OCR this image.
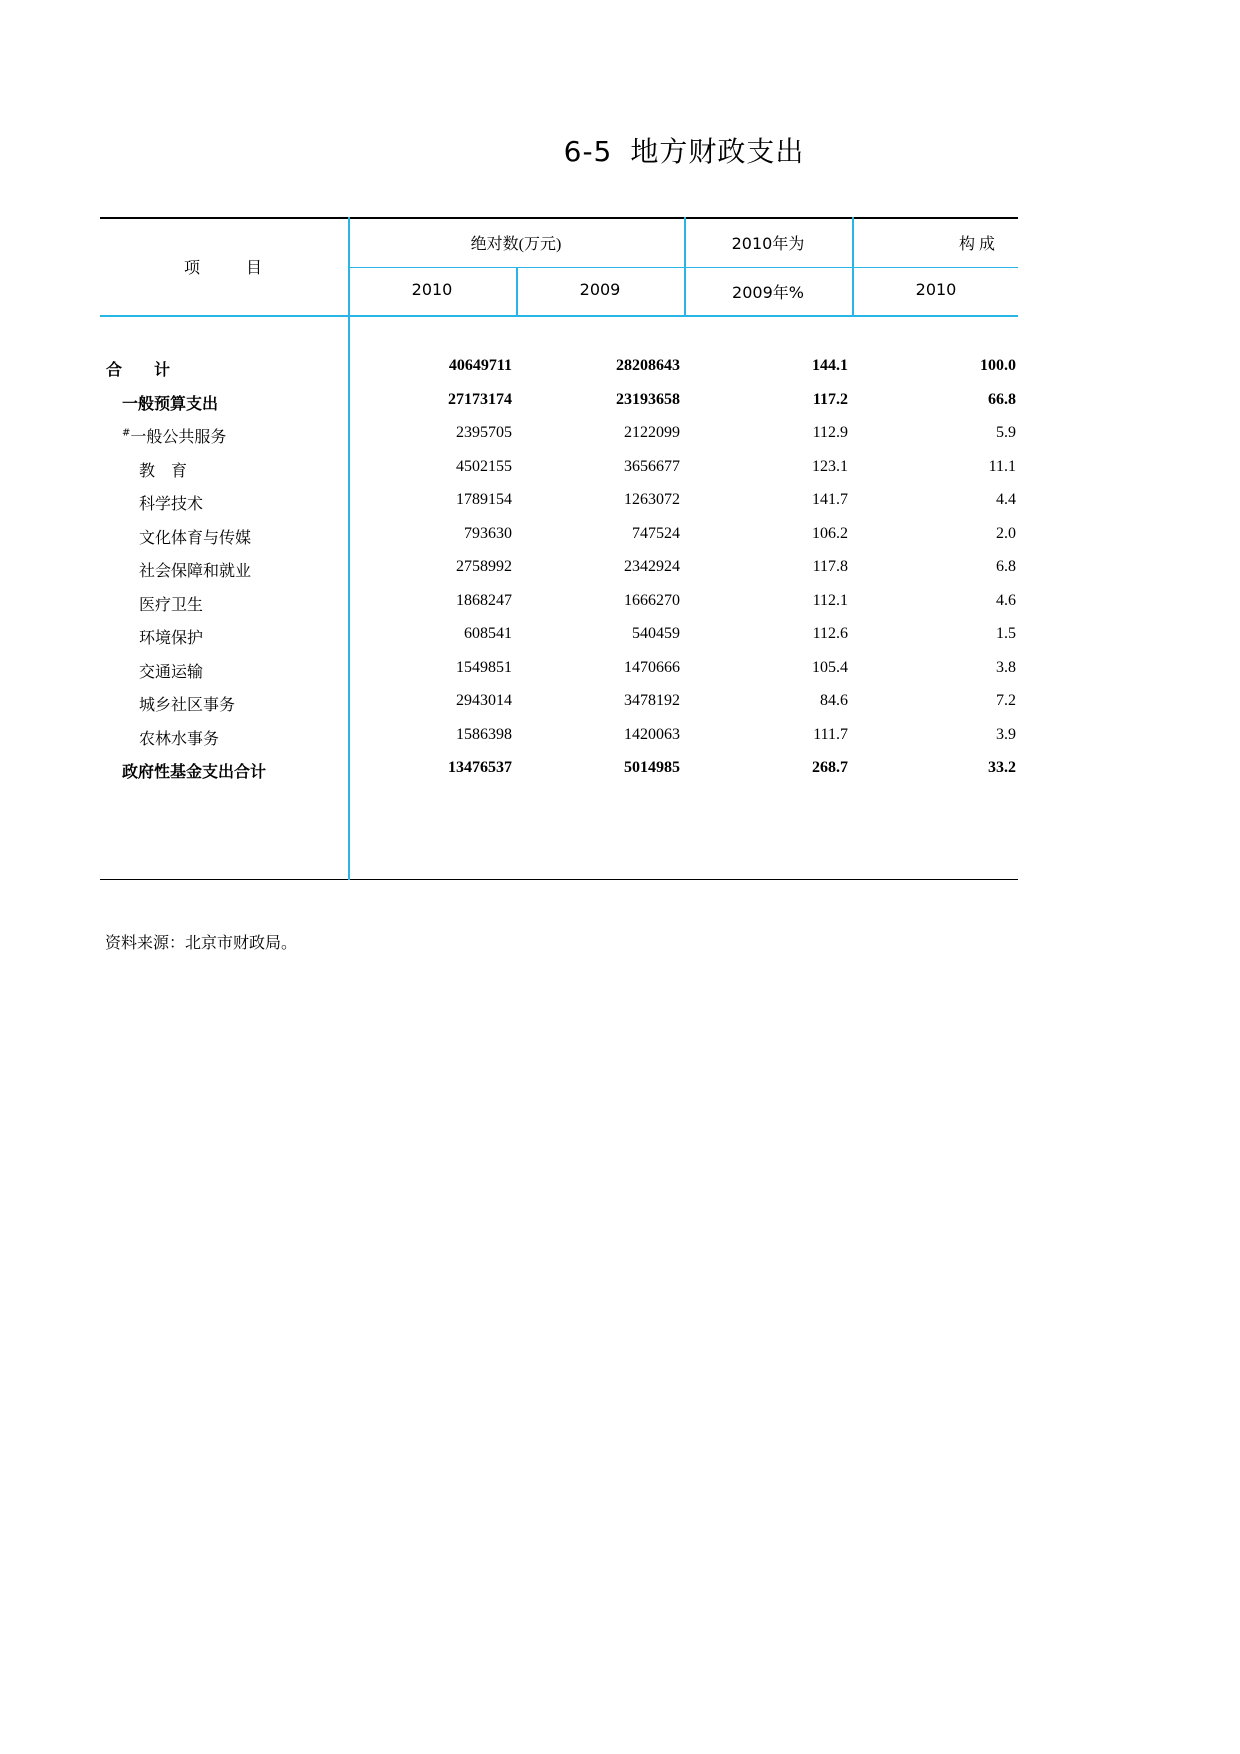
6-5 地方财政支出
项	目
绝对数(万元)
2010	2009
2010年为
2009年%
构 成
2010
合　　计	40649711	28208643	144.1	100.0
一般预算支出	27173174	23193658	117.2	66.8
#一般公共服务	2395705	2122099	112.9	5.9
教　育	4502155	3656677	123.1	11.1
科学技术	1789154	1263072	141.7	4.4
文化体育与传媒	793630	747524	106.2	2.0
社会保障和就业	2758992	2342924	117.8	6.8
医疗卫生	1868247	1666270	112.1	4.6
环境保护	608541	540459	112.6	1.5
交通运输	1549851	1470666	105.4	3.8
城乡社区事务	2943014	3478192	84.6	7.2
农林水事务	1586398	1420063	111.7	3.9
政府性基金支出合计	13476537	5014985	268.7	33.2
资料来源：北京市财政局。
